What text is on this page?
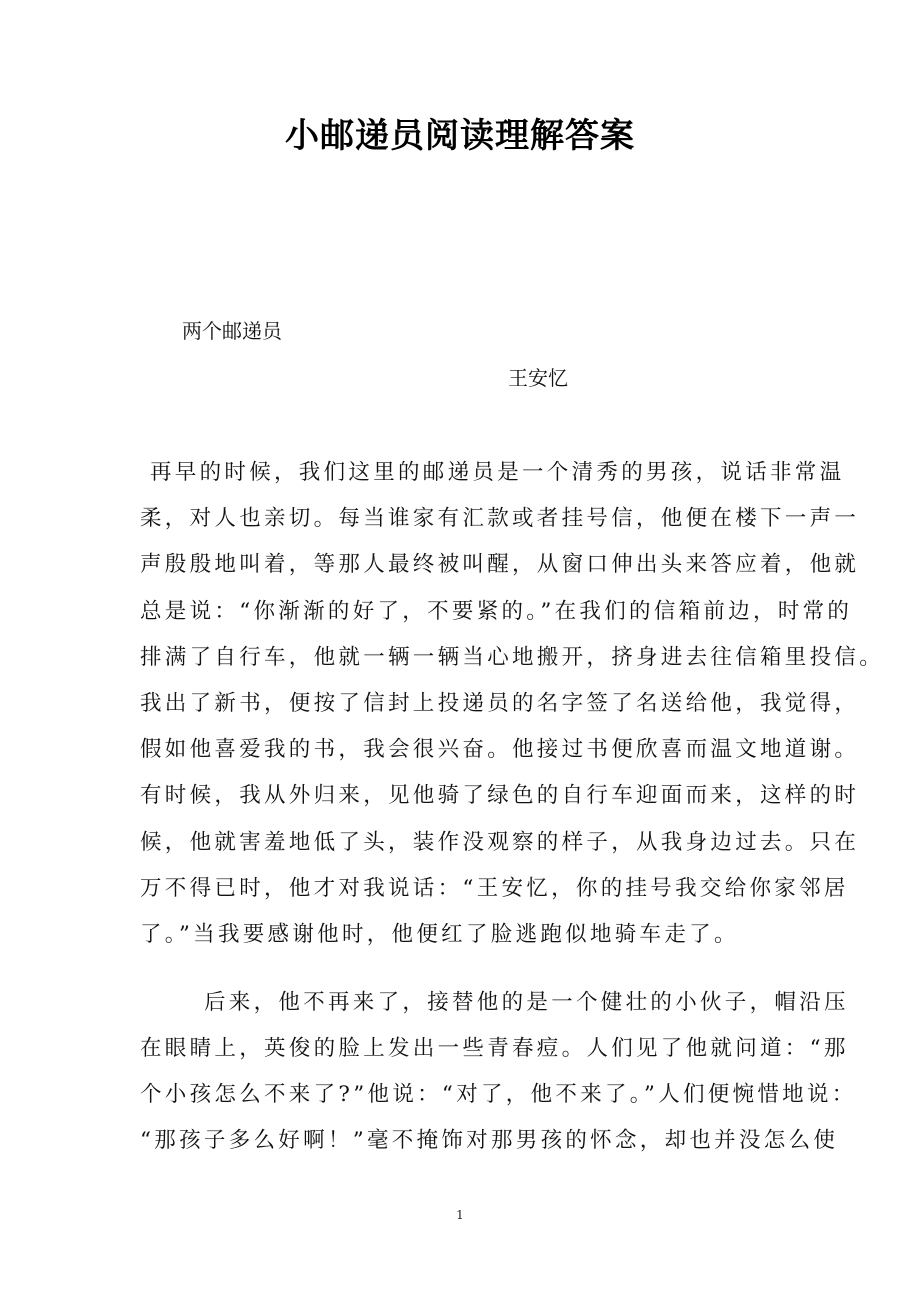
小邮递员阅读理解答案

两个邮递员

王安忆

再早的时候，我们这里的邮递员是一个清秀的男孩，说话非常温

柔，对人也亲切。每当谁家有汇款或者挂号信，他便在楼下一声一

声殷殷地叫着，等那人最终被叫醒，从窗口伸出头来答应着，他就

总是说：“你渐渐的好了，不要紧的。”在我们的信箱前边，时常的

排满了自行车，他就一辆一辆当心地搬开，挤身进去往信箱里投信。

我出了新书，便按了信封上投递员的名字签了名送给他，我觉得，

假如他喜爱我的书，我会很兴奋。他接过书便欣喜而温文地道谢。

有时候，我从外归来，见他骑了绿色的自行车迎面而来，这样的时

候，他就害羞地低了头，装作没观察的样子，从我身边过去。只在

万不得已时，他才对我说话：“王安忆，你的挂号我交给你家邻居

了。”当我要感谢他时，他便红了脸逃跑似地骑车走了。

后来，他不再来了，接替他的是一个健壮的小伙子，帽沿压

在眼睛上，英俊的脸上发出一些青春痘。人们见了他就问道：“那

个小孩怎么不来了?”他说：“对了，他不来了。”人们便惋惜地说：

“那孩子多么好啊！”毫不掩饰对那男孩的怀念，却也并没怎么使

1
